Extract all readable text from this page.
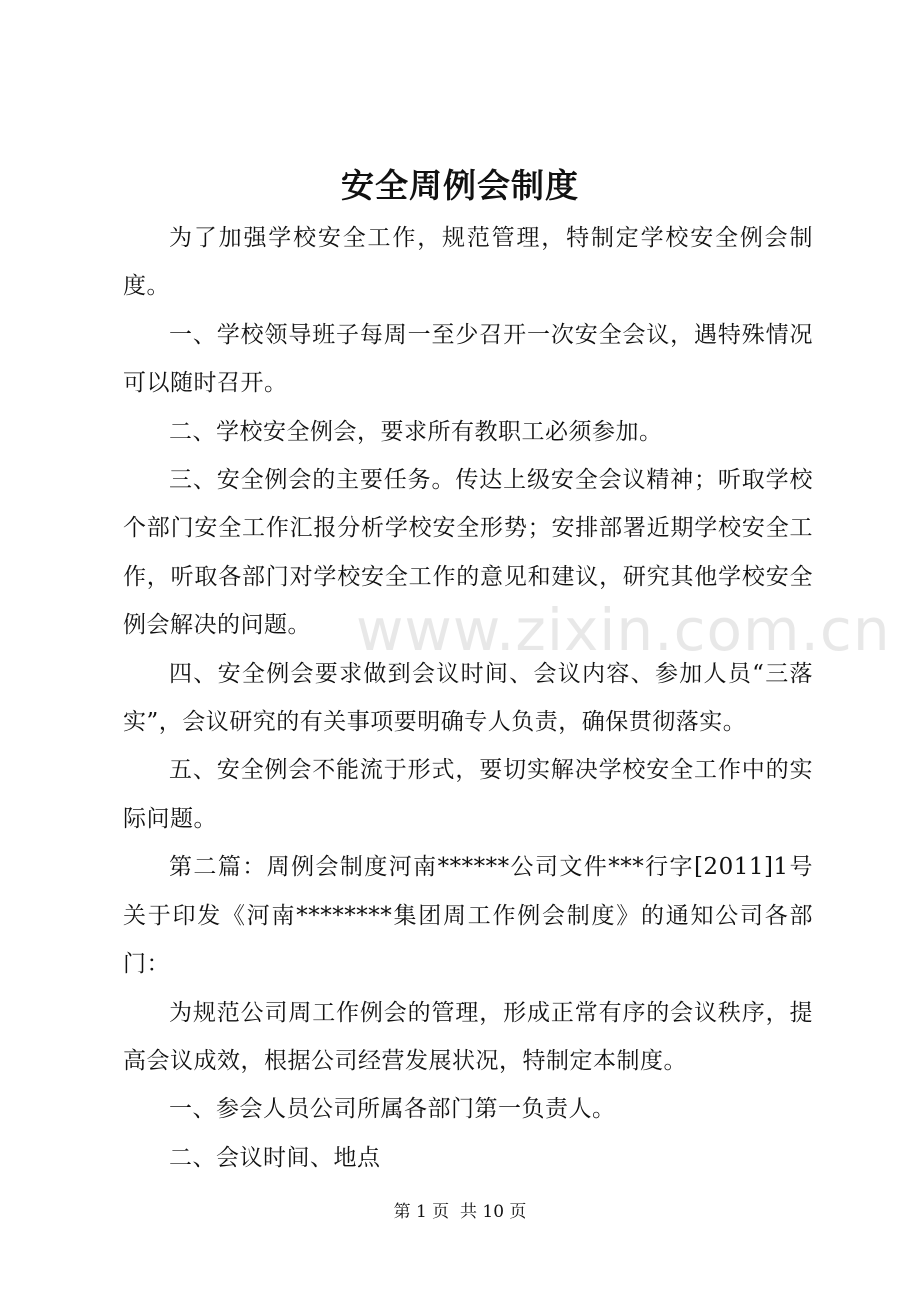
www.zixin.com.cn
安全周例会制度

为了加强学校安全工作，规范管理，特制定学校安全例会制度。

一、学校领导班子每周一至少召开一次安全会议，遇特殊情况可以随时召开。

二、学校安全例会，要求所有教职工必须参加。

三、安全例会的主要任务。传达上级安全会议精神；听取学校个部门安全工作汇报分析学校安全形势；安排部署近期学校安全工作，听取各部门对学校安全工作的意见和建议，研究其他学校安全例会解决的问题。

四、安全例会要求做到会议时间、会议内容、参加人员“三落实”，会议研究的有关事项要明确专人负责，确保贯彻落实。

五、安全例会不能流于形式，要切实解决学校安全工作中的实际问题。

第二篇：周例会制度河南******公司文件***行字[2011]1号关于印发《河南********集团周工作例会制度》的通知公司各部门：

为规范公司周工作例会的管理，形成正常有序的会议秩序，提高会议成效，根据公司经营发展状况，特制定本制度。

一、参会人员公司所属各部门第一负责人。

二、会议时间、地点

第 1 页  共 10 页
